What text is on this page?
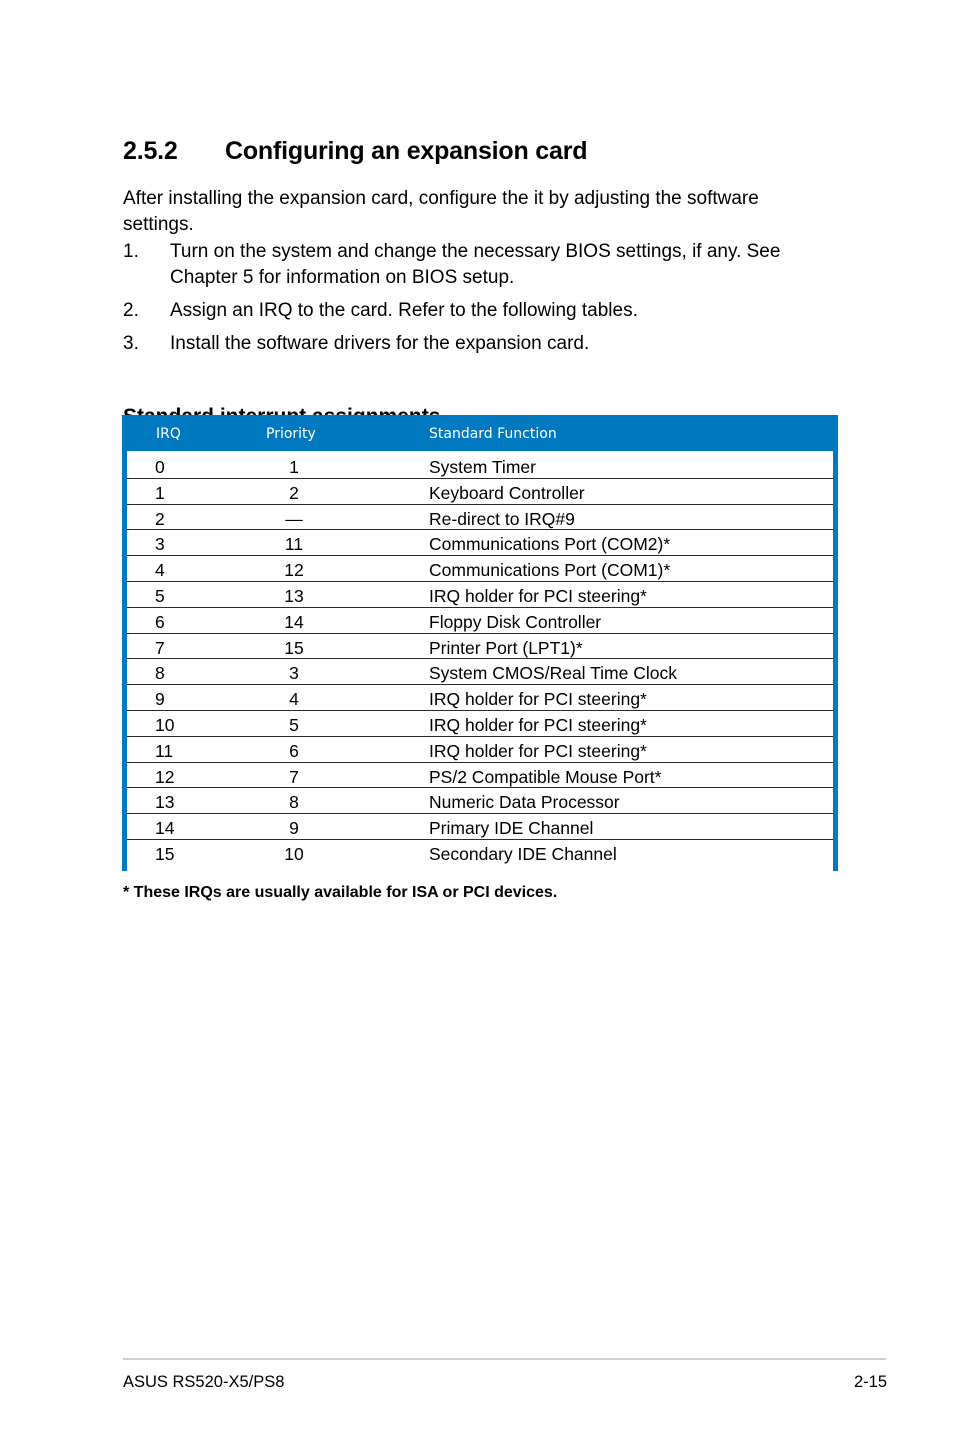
2.5.2 Configuring an expansion card

After installing the expansion card, configure the it by adjusting the software settings.

1. Turn on the system and change the necessary BIOS settings, if any. See Chapter 5 for information on BIOS setup.
2. Assign an IRQ to the card. Refer to the following tables.
3. Install the software drivers for the expansion card.
IRQ	Priority	Standard Function
0	1	System Timer
1	2	Keyboard Controller
2	—	Re-direct to IRQ#9
3	11	Communications Port (COM2)*
4	12	Communications Port (COM1)*
5	13	IRQ holder for PCI steering*
6	14	Floppy Disk Controller
7	15	Printer Port (LPT1)*
8	3	System CMOS/Real Time Clock
9	4	IRQ holder for PCI steering*
10	5	IRQ holder for PCI steering*
11	6	IRQ holder for PCI steering*
12	7	PS/2 Compatible Mouse Port*
13	8	Numeric Data Processor
14	9	Primary IDE Channel
15	10	Secondary IDE Channel
* These IRQs are usually available for ISA or PCI devices.
ASUS RS520-X5/PS8	2-15
